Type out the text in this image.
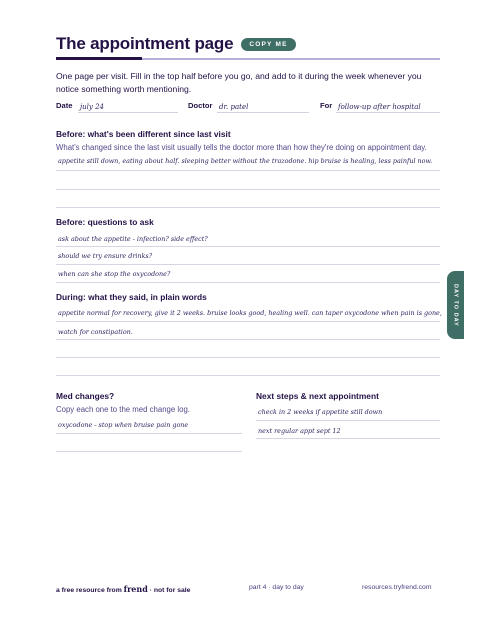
The appointment page	COPY ME
One page per visit. Fill in the top half before you go, and add to it during the week whenever you notice something worth mentioning.
Date july 24	Doctor dr. patel	For follow-up after hospital
Before: what's been different since last visit
What's changed since the last visit usually tells the doctor more than how they're doing on appointment day.
appetite still down, eating about half. sleeping better without the trazodone. hip bruise is healing, less painful now.
Before: questions to ask
ask about the appetite - infection? side effect?
should we try ensure drinks?
when can she stop the oxycodone?
During: what they said, in plain words
appetite normal for recovery, give it 2 weeks. bruise looks good, healing well. can taper oxycodone when pain is gone,
watch for constipation.
Med changes?
Copy each one to the med change log.
oxycodone - stop when bruise pain gone
Next steps & next appointment
check in 2 weeks if appetite still down
next regular appt sept 12
DAY TO DAY
a free resource from frend · not for sale	part 4 · day to day	resources.tryfrend.com
